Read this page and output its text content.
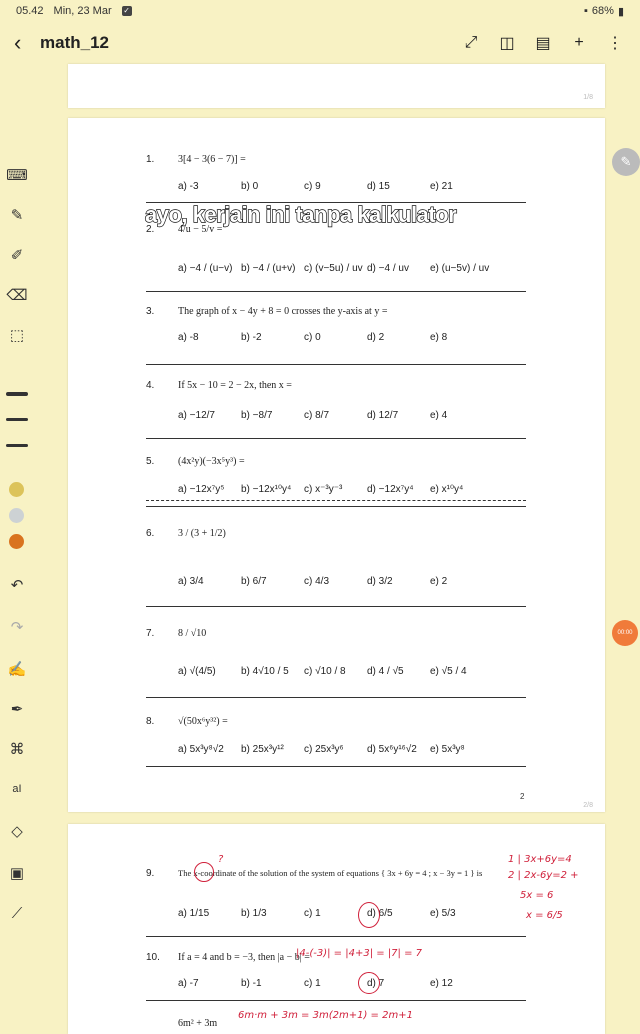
05.42 Min, 23 Mar ✓	▪ 68% ▮
‹	math_12	⤢ ◫ ▤	+	⋮
⌨
✎
✐
⌫
⬚
↶
↷
✍
✒
⌘
aI
◇
▣
⟋
1/8
1. 3[4 − 3(6 − 7)] =
a) -3	b) 0	c) 9	d) 15	e) 21
2. 4/u − 5/v =
a) −4 / (u−v) b) −4 / (u+v) c) (v−5u) / uv d) −4 / uv	e) (u−5v) / uv
3. The graph of x − 4y + 8 = 0 crosses the y-axis at y =
a) -8	b) -2	c) 0	d) 2	e) 8
4. If 5x − 10 = 2 − 2x, then x =
a) −12/7	b) −8/7	c) 8/7	d) 12/7	e) 4
5. (4x²y)(−3x⁵y³) =
a) −12x⁷y⁵	b) −12x¹⁰y⁴	c) x⁻³y⁻³	d) −12x⁷y⁴	e) x¹⁰y⁴
6. 3 / (3 + 1/2)
a) 3/4	b) 6/7	c) 4/3	d) 3/2	e) 2
7. 8 / √10
a) √(4/5)	b) 4√10 / 5	c) √10 / 8	d) 4 / √5	e) √5 / 4
8. √(50x⁶y³²) =
a) 5x³y⁸√2	b) 25x³y¹²	c) 25x³y⁶	d) 5x⁶y¹⁶√2	e) 5x³y⁸
2
2/8
9.	The x-coordinate of the solution of the system of equations { 3x + 6y = 4 ; x − 3y = 1 } is
a) 1/15	b) 1/3	c) 1	d) 6/5	e) 5/3
10. If a = 4 and b = −3, then |a − b| =
a) -7	b) -1	c) 1	d) 7	e) 12
6m² + 3m
1 | 3x+6y=4
2 | 2x-6y=2 +
5x = 6
x = 6/5
?
|4-(-3)| = |4+3| = |7| = 7
6m·m + 3m = 3m(2m+1) = 2m+1
ayo, kerjain ini tanpa kalkulator
✎
00:00
